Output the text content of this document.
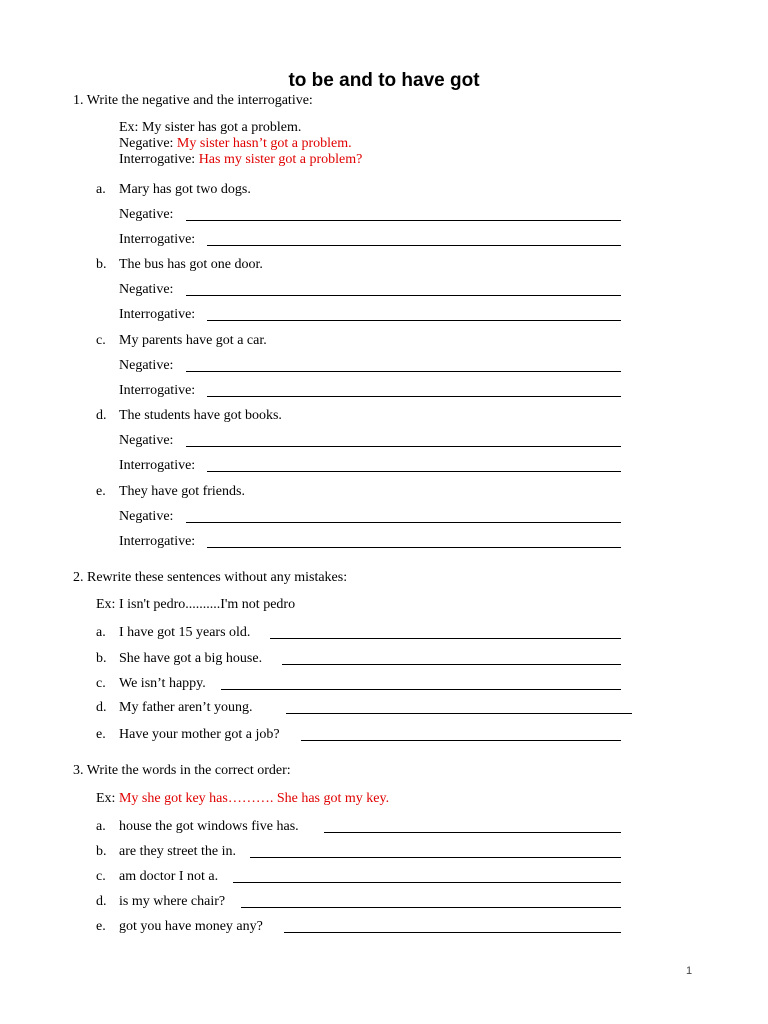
to be and to have got
1. Write the negative and the interrogative:
Ex: My sister has got a problem.
Negative: My sister hasn’t got a problem.
Interrogative: Has my sister got a problem?
a. Mary has got two dogs.
Negative:
Interrogative:
b. The bus has got one door.
Negative:
Interrogative:
c. My parents have got a car.
Negative:
Interrogative:
d. The students have got books.
Negative:
Interrogative:
e. They have got friends.
Negative:
Interrogative:
2. Rewrite these sentences without any mistakes:
Ex: I isn't pedro..........I'm not pedro
a. I have got 15 years old.
b. She have got a big house.
c. We isn’t happy.
d. My father aren’t young.
e. Have your mother got a job?
3. Write the words in the correct order:
Ex: My she got key has………. She has got my key.
a. house the got windows five has.
b. are they street the in.
c. am doctor I not a.
d. is my where chair?
e. got you have money any?
1
